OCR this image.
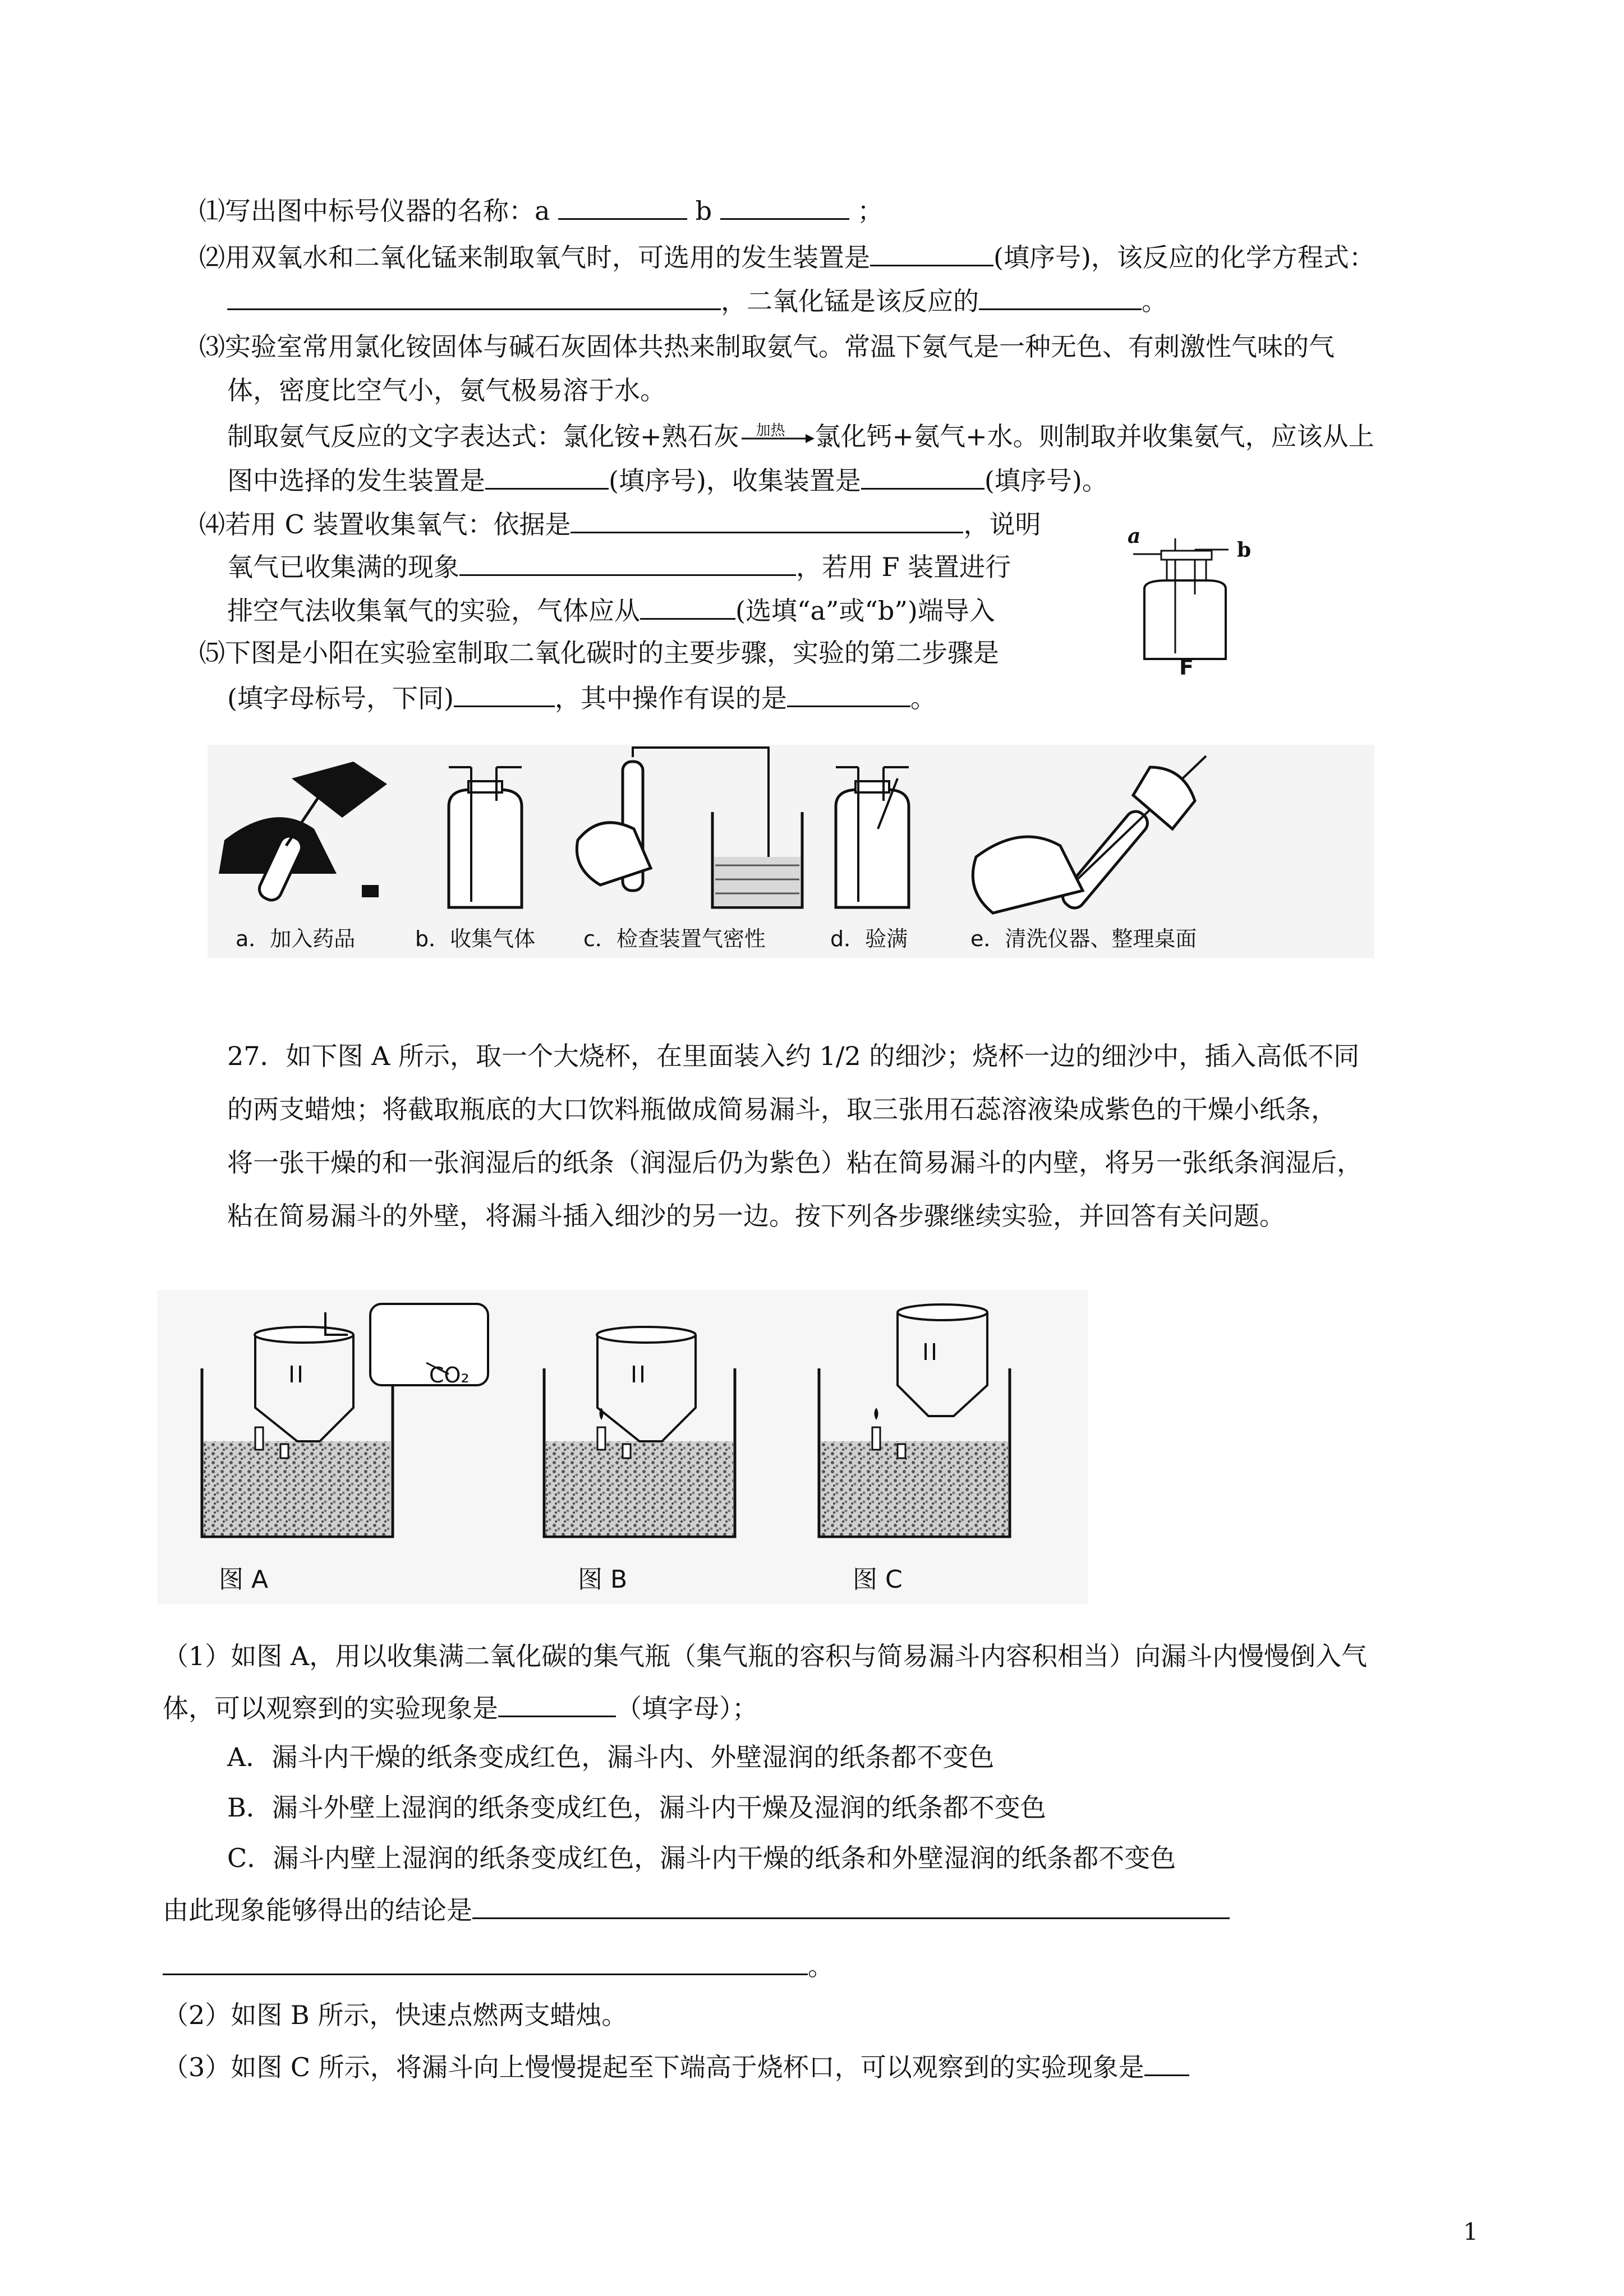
⑴写出图中标号仪器的名称：a	b	；
⑵用双氧水和二氧化锰来制取氧气时，可选用的发生装置是	(填序号)，该反应的化学方程式：
，二氧化锰是该反应的	。
⑶实验室常用氯化铵固体与碱石灰固体共热来制取氨气。常温下氨气是一种无色、有刺激性气味的气
体，密度比空气小，氨气极易溶于水。
制取氨气反应的文字表达式：氯化铵+熟石灰 加热 氯化钙+氨气+水。则制取并收集氨气，应该从上
图中选择的发生装置是	(填序号)，收集装置是	(填序号)。
⑷若用 C 装置收集氧气：依据是	，说明
氧气已收集满的现象	，若用 F 装置进行
排空气法收集氧气的实验，气体应从	(选填“a”或“b”)端导入
⑸下图是小阳在实验室制取二氧化碳时的主要步骤，实验的第二步骤是
(填字母标号，下同)	，其中操作有误的是	。
a
b
F
a．加入药品	b．收集气体 c．检查装置气密性	d．验满	e．清洗仪器、整理桌面
27．如下图 A 所示，取一个大烧杯，在里面装入约 1/2 的细沙；烧杯一边的细沙中，插入高低不同
的两支蜡烛；将截取瓶底的大口饮料瓶做成简易漏斗，取三张用石蕊溶液染成紫色的干燥小纸条，
将一张干燥的和一张润湿后的纸条（润湿后仍为紫色）粘在简易漏斗的内壁，将另一张纸条润湿后，
粘在简易漏斗的外壁，将漏斗插入细沙的另一边。按下列各步骤继续实验，并回答有关问题。
CO₂
图 A	图 B	图 C
（1）如图 A，用以收集满二氧化碳的集气瓶（集气瓶的容积与简易漏斗内容积相当）向漏斗内慢慢倒入气
体，可以观察到的实验现象是	（填字母）；
A．漏斗内干燥的纸条变成红色，漏斗内、外壁湿润的纸条都不变色
B．漏斗外壁上湿润的纸条变成红色，漏斗内干燥及湿润的纸条都不变色
C．漏斗内壁上湿润的纸条变成红色，漏斗内干燥的纸条和外壁湿润的纸条都不变色
由此现象能够得出的结论是
。
（2）如图 B 所示，快速点燃两支蜡烛。
（3）如图 C 所示，将漏斗向上慢慢提起至下端高于烧杯口，可以观察到的实验现象是
1
